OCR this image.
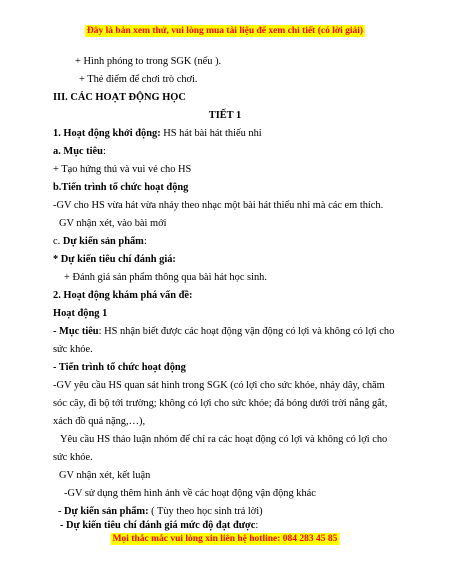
Đây là bản xem thử, vui lòng mua tài liệu để xem chi tiết (có lời giải)
+ Hình phóng to trong SGK (nếu ).
+ Thẻ điểm để chơi trò chơi.
III. CÁC HOẠT ĐỘNG HỌC
TIẾT 1
1. Hoạt động khởi động: HS hát bài hát thiếu nhi
a. Mục tiêu:
+ Tạo hứng thú và vui vẻ cho HS
b.Tiến trình tổ chức hoạt động
-GV cho HS vừa hát vừa nhảy theo nhạc một bài hát thiếu nhi mà các em thích.
GV nhận xét, vào bài mới
c. Dự kiến sản phẩm:
* Dự kiến tiêu chí đánh giá:
+ Đánh giá sản phẩm thông qua bài hát học sinh.
2. Hoạt động khám phá vấn đề:
Hoạt động 1
- Mục tiêu: HS nhận biết được các hoạt động vận động có lợi và không có lợi cho
sức khỏe.
- Tiến trình tổ chức hoạt động
-GV yêu cầu HS quan sát hình trong SGK (có lợi cho sức khỏe, nhảy dây, chăm
sóc cây, đi bộ tới trường; không có lợi cho sức khỏe; đá bóng dưới trời nắng gắt,
xách đồ quá nặng,…),
Yêu cầu HS thảo luận nhóm để chỉ ra các hoạt động có lợi và không có lợi cho
sức khỏe.
GV nhận xét, kết luận
-GV sử dụng thêm hình ảnh về các hoạt động vận động khác
- Dự kiến sản phẩm: ( Tùy theo học sinh trả lời)
- Dự kiến tiêu chí đánh giá mức độ đạt được:
Mọi thắc mắc vui lòng xin liên hệ hotline: 084 283 45 85
